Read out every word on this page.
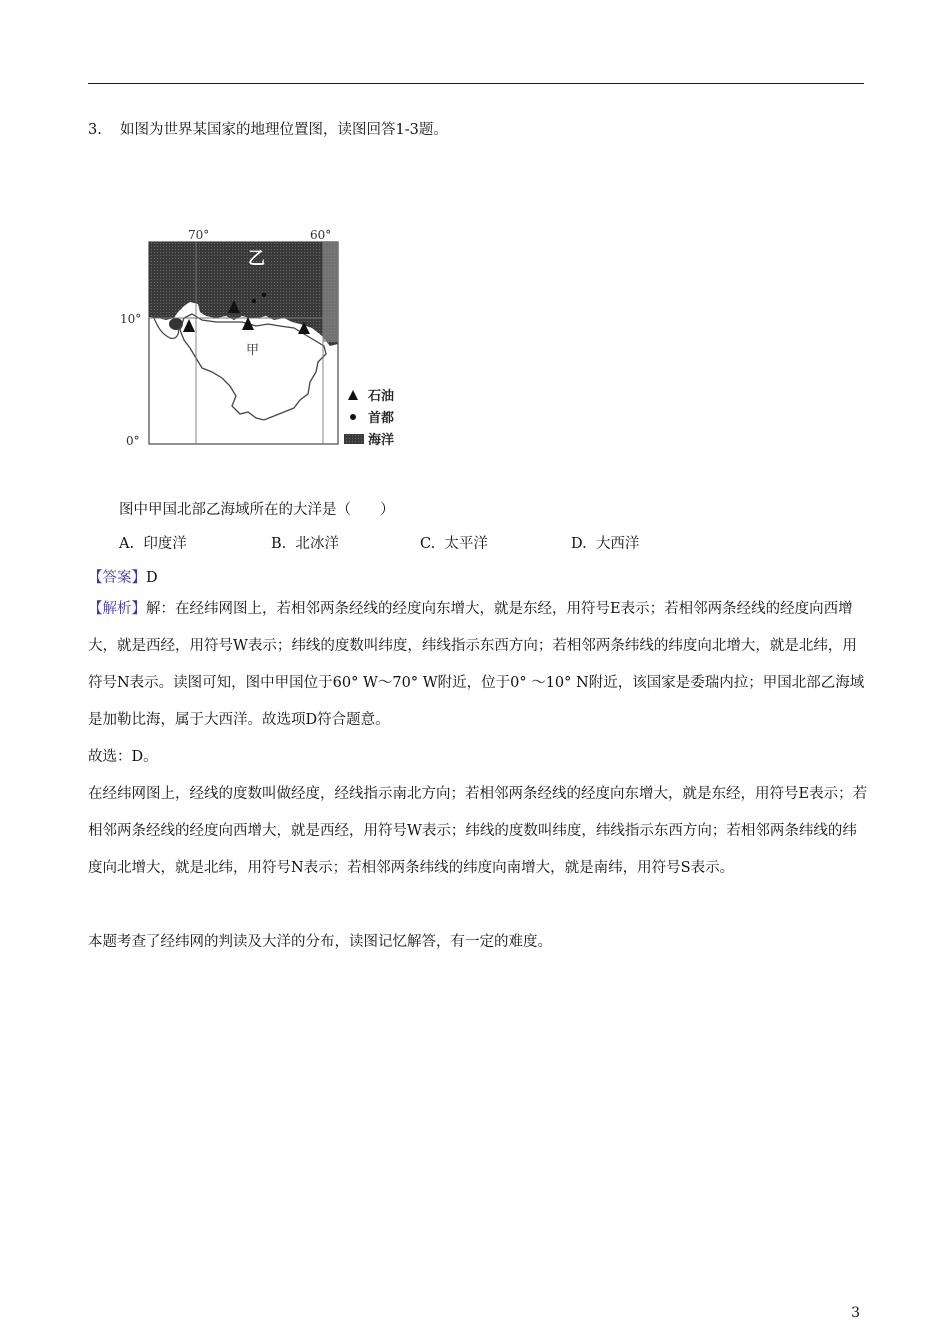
3. 如图为世界某国家的地理位置图，读图回答1-3题。
70°	60°
10°
0°
乙
甲
石油
首都
海洋
图中甲国北部乙海域所在的大洋是（　　）
A. 印度洋	B. 北冰洋	C. 太平洋	D. 大西洋
【答案】D
【解析】解：在经纬网图上，若相邻两条经线的经度向东增大，就是东经，用符号E表示；若相邻两条经线的经度向西增大，就是西经，用符号W表示；纬线的度数叫纬度，纬线指示东西方向；若相邻两条纬线的纬度向北增大，就是北纬，用符号N表示。读图可知，图中甲国位于60° W～70° W附近，位于0° ～10° N附近，该国家是委瑞内拉；甲国北部乙海域是加勒比海，属于大西洋。故选项D符合题意。
故选：D。
在经纬网图上，经线的度数叫做经度，经线指示南北方向；若相邻两条经线的经度向东增大，就是东经，用符号E表示；若相邻两条经线的经度向西增大，就是西经，用符号W表示；纬线的度数叫纬度，纬线指示东西方向；若相邻两条纬线的纬度向北增大，就是北纬，用符号N表示；若相邻两条纬线的纬度向南增大，就是南纬，用符号S表示。
本题考查了经纬网的判读及大洋的分布，读图记忆解答，有一定的难度。
3
